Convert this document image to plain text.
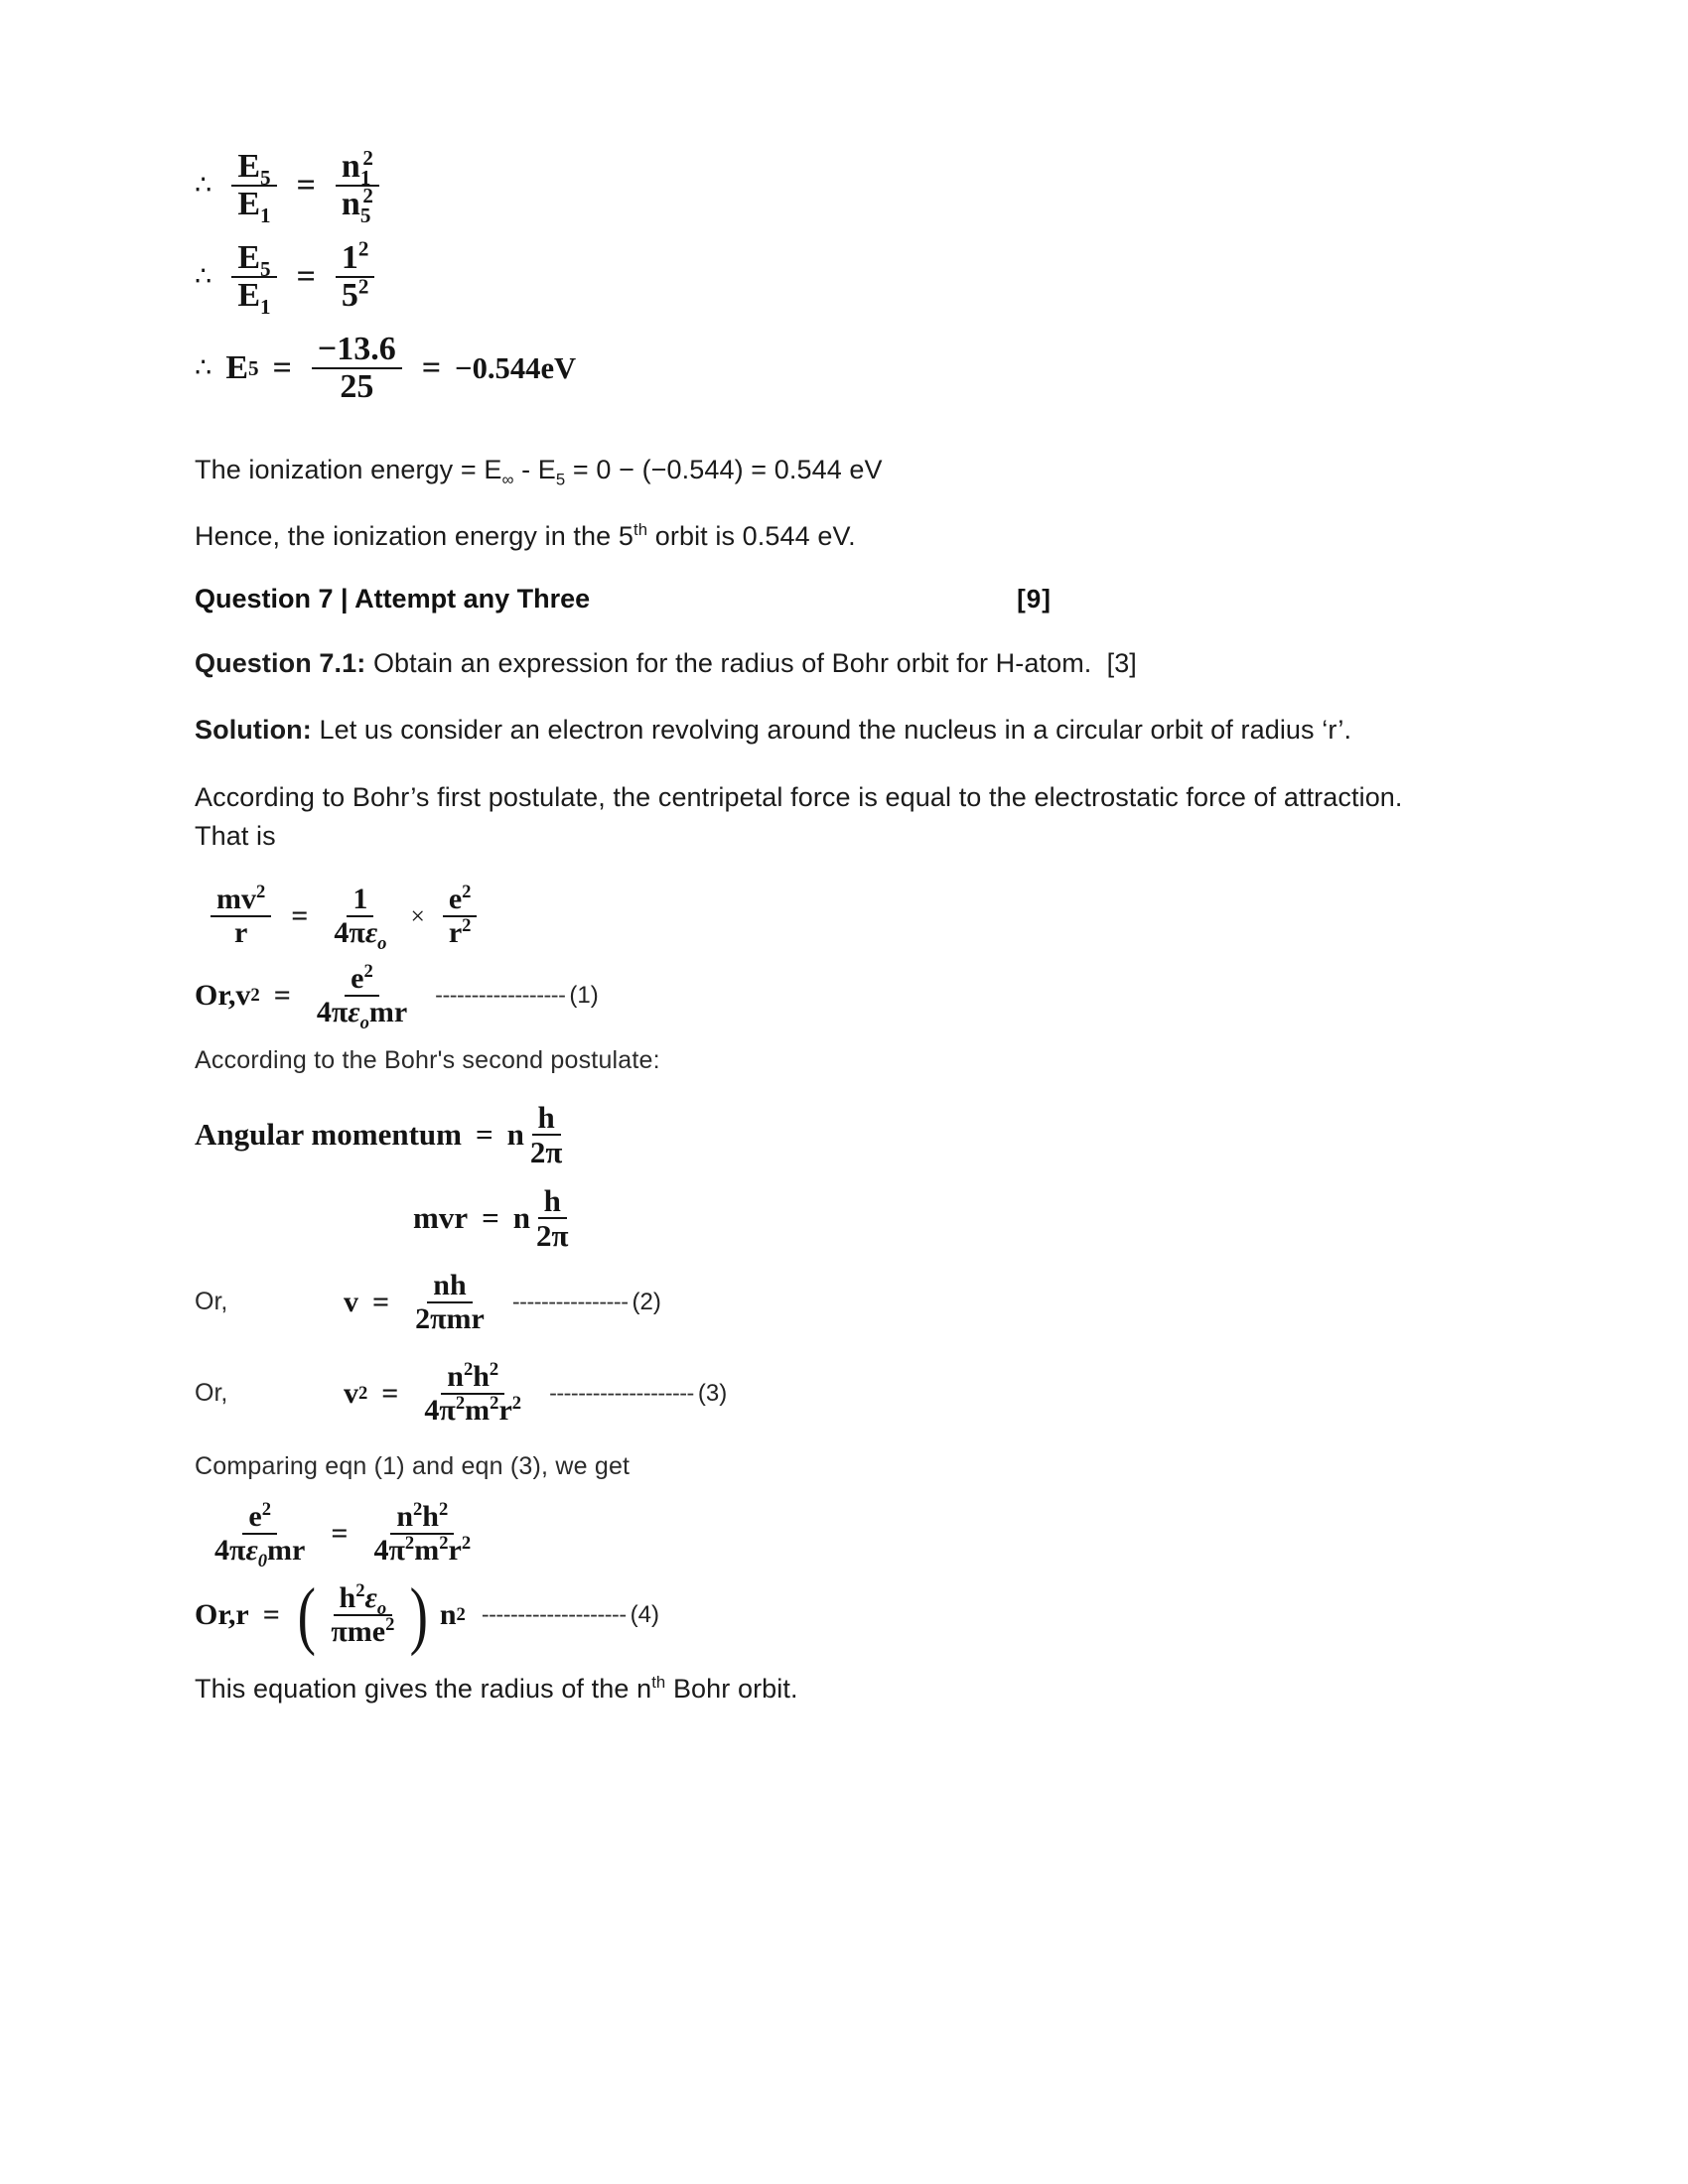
∴ $\frac{E_5}{E_1} = \frac{n_1^2}{n_5^2}$
∴ $\frac{E_5}{E_1} = \frac{1^2}{5^2}$
∴ E $5 = \frac{-13.6}{25} = -0.544eV$

The ionization energy = $E_\infty - E_5 = 0 - (-0.544) = 0.544$ eV

Hence, the ionization energy in the 5th orbit is 0.544 eV.

Question 7 | Attempt any Three	[9]

Question 7.1: Obtain an expression for the radius of Bohr orbit for H-atom. [3]

Solution: Let us consider an electron revolving around the nucleus in a circular orbit of radius ‘r’.

According to Bohr’s first postulate, the centripetal force is equal to the electrostatic force of attraction. That is

$\frac{mv^2}{r} = \frac{1}{4\pi\varepsilon_o} \times \frac{e^2}{r^2}$
Or,v $2 = \frac{e^2}{4\pi\varepsilon_omr}$ ------------------ (1)

According to the Bohr's second postulate:

Angular momentum = n $\frac{h}{2\pi}$
mvr = n $\frac{h}{2\pi}$
Or,	$v = \frac{nh}{\text{2πmr}}$ ---------------- (2)
Or,	v $2 = \frac{n^2h^2}{4\pi^2m^2r^2}$ -------------------- (3)

Comparing eqn (1) and eqn (3), we get

$\frac{e^2}{4\pi\varepsilon_0mr} = \frac{n^2h^2}{4\pi^2m^2r^2}$
Or,r = ( $\frac{h^2\varepsilon_o}{\pi me^2}$ ) n 2 -------------------- (4)

This equation gives the radius of the $n^{th}$ Bohr orbit.
